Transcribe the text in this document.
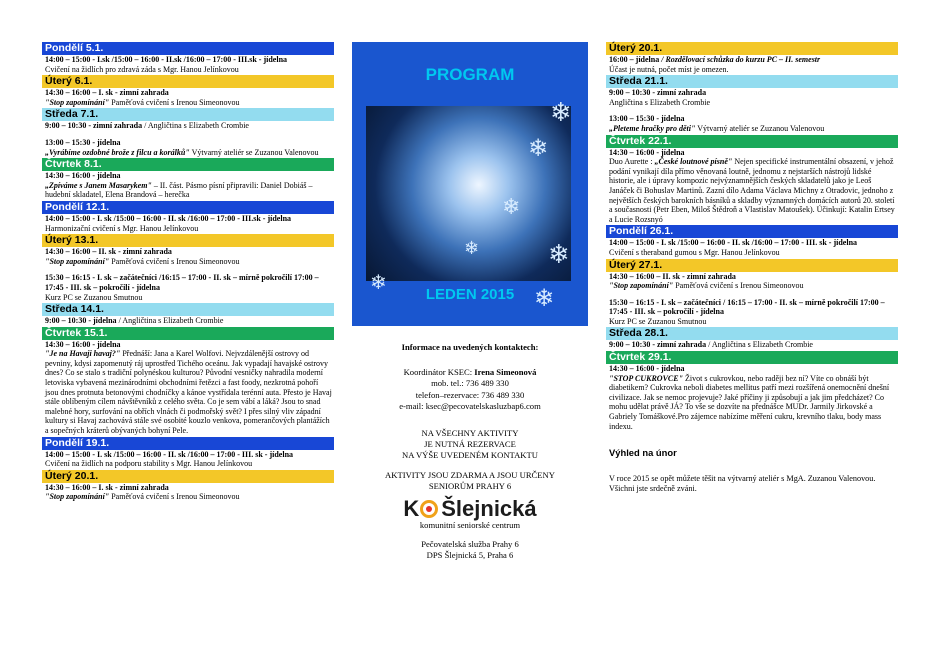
Pondělí 5.1.
14:00 – 15:00 - I.sk /15:00 – 16:00 - II.sk /16:00 – 17:00 - III.sk - jídelna
Cvičení na židlích pro zdravá záda s Mgr. Hanou Jelínkovou
Úterý 6.1.
14:30 – 16:00 – I. sk - zimní zahrada
"Stop zapomínání" Paměťová cvičení s Irenou Simeonovou
Středa 7.1.
9:00 – 10:30 - zimní zahrada / Angličtina s Elizabeth Crombie
13:00 – 15:30 - jídelna
„Vyrábíme ozdobné brože z filcu a korálků" Výtvarný ateliér se Zuzanou Valenovou
Čtvrtek 8.1.
14:30 – 16:00 - jídelna
„Zpíváme s Janem Masarykem" – II. část. Pásmo písní připravili: Daniel Dobiáš – hudební skladatel, Elena Brandová – herečka
Pondělí 12.1.
14:00 – 15:00 - I. sk /15:00 – 16:00 - II. sk /16:00 – 17:00 - III.sk - jídelna
Harmonizační cvičení s Mgr. Hanou Jelínkovou
Úterý 13.1.
14:30 – 16:00 – II. sk - zimní zahrada
"Stop zapomínání" Paměťová cvičení s Irenou Simeonovou
15:30 – 16:15 - I. sk – začátečníci /16:15 – 17:00 - II. sk – mírně pokročilí 17:00 – 17:45 - III. sk – pokročilí - jídelna
Kurz PC se Zuzanou Smutnou
Středa 14.1.
9:00 – 10:30 - jídelna / Angličtina s Elizabeth Crombie
Čtvrtek 15.1.
14:30 – 16:00 - jídelna
"Je na Havaji havaj?" Přednáší: Jana a Karel Wolfovi. Nejvzdálenější ostrovy od pevniny, kdysi zapomenutý ráj uprostřed Tichého oceánu. Jak vypadají havajské ostrovy dnes? Co se stalo s tradiční polynéskou kulturou? Původní vesničky nahradila moderní letoviska vybavená mezinárodními obchodními řetězci a fast foody, nezkrotná pohoří jsou dnes protnuta betonovými chodníčky a kánoe vystřídala terénní auta. Přesto je Havaj stále oblíbeným cílem návštěvníků z celého světa. Co je sem vábí a láká? Jsou to snad malebné hory, surfování na obřích vlnách či podmořský svět? I přes silný vliv západní kultury si Havaj zachovává stále své osobité kouzlo venkova, pomerančových plantážích a sopečných kráterů obývaných bohyní Pele.
Pondělí 19.1.
14:00 – 15:00 - I. sk /15:00 – 16:00 - II. sk /16:00 – 17:00 - III. sk - jídelna
Cvičení na židlích na podporu stability s Mgr. Hanou Jelínkovou
Úterý 20.1.
14:30 – 16:00 – I. sk - zimní zahrada
"Stop zapomínání" Paměťová cvičení s Irenou Simeonovou
PROGRAM
❄
❄
❄
❄
❄
❄
❄
LEDEN 2015
Informace na uvedených kontaktech:
Koordinátor KSEC: Irena Simeonová
mob. tel.: 736 489 330
telefon–rezervace: 736 489 330
e-mail: ksec@pecovatelskasluzbap6.com
NA VŠECHNY AKTIVITY
JE NUTNÁ REZERVACE
NA VÝŠE UVEDENÉM KONTAKTU
AKTIVITY JSOU ZDARMA A JSOU URČENY
SENIORŮM PRAHY 6
K Šlejnická
komunitní seniorské centrum
Pečovatelská služba Prahy 6
DPS Šlejnická 5, Praha 6
Úterý 20.1.
16:00 – jídelna / Rozdělovací schůzka do kurzu PC – II. semestr
Účast je nutná, počet míst je omezen.
Středa 21.1.
9:00 – 10:30 - zimní zahrada
Angličtina s Elizabeth Crombie
13:00 – 15:30 - jídelna
„Pleteme hračky pro děti" Výtvarný ateliér se Zuzanou Valenovou
Čtvrtek 22.1.
14:30 – 16:00 - jídelna
Duo Aurette : „České loutnové písně" Nejen specifické instrumentální obsazení, v jehož podání vynikají díla přímo věnovaná loutně, jednomu z nejstarších nástrojů lidské historie, ale i úpravy kompozic nejvýznamnějších českých skladatelů jako je Leoš Janáček či Bohuslav Martinů. Zazní dílo Adama Václava Michny z Otradovic, jednoho z největších českých barokních básníků a skladby významných domácích autorů 20. století a současnosti (Petr Eben, Miloš Štědroň a Vlastislav Matoušek). Účinkují: Katalin Ertsey a Lucie Rozsnyó
Pondělí 26.1.
14:00 – 15:00 - I. sk /15:00 – 16:00 - II. sk /16:00 – 17:00 - III. sk - jídelna
Cvičení s theraband gumou s Mgr. Hanou Jelínkovou
Úterý 27.1.
14:30 – 16:00 – II. sk - zimní zahrada
"Stop zapomínání" Paměťová cvičení s Irenou Simeonovou
15:30 – 16:15 - I. sk – začátečníci / 16:15 – 17:00 - II. sk – mírně pokročilí 17:00 – 17:45 - III. sk – pokročilí - jídelna
Kurz PC se Zuzanou Smutnou
Středa 28.1.
9:00 – 10:30 - zimní zahrada / Angličtina s Elizabeth Crombie
Čtvrtek 29.1.
14:30 – 16:00 - jídelna
"STOP CUKROVCE" Život s cukrovkou, nebo raději bez ní? Víte co obnáší být diabetikem? Cukrovka neboli diabetes mellitus patří mezi rozšířená onemocnění dnešní civilizace. Jak se nemoc projevuje? Jaké příčiny ji způsobují a jak jim předcházet? Co mohu udělat právě JÁ? To vše se dozvíte na přednášce MUDr. Jarmily Jirkovské a Gabriely Tomáškové.Pro zájemce nabízíme měření cukru, krevního tlaku, body mass indexu.
Výhled na únor
V roce 2015 se opět můžete těšit na výtvarný ateliér s MgA. Zuzanou Valenovou. Všichni jste srdečně zváni.
